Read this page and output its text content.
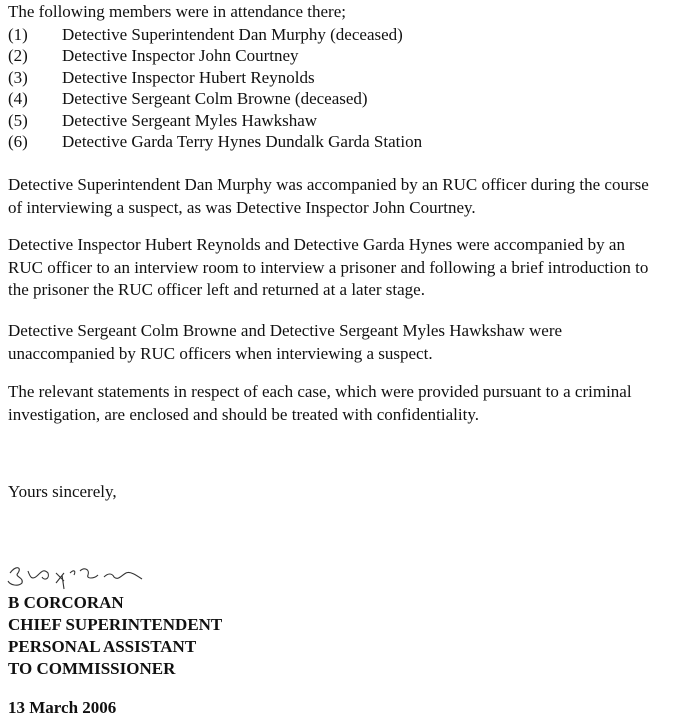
The following members were in attendance there;
(1)	Detective Superintendent Dan Murphy (deceased)
(2)	Detective Inspector John Courtney
(3)	Detective Inspector Hubert Reynolds
(4)	Detective Sergeant Colm Browne (deceased)
(5)	Detective Sergeant Myles Hawkshaw
(6)	Detective Garda Terry Hynes Dundalk Garda Station
Detective Superintendent Dan Murphy was accompanied by an RUC officer during the course
of interviewing a suspect, as was Detective Inspector John Courtney.
Detective Inspector Hubert Reynolds and Detective Garda Hynes were accompanied by an
RUC officer to an interview room to interview a prisoner and following a brief introduction to
the prisoner the RUC officer left and returned at a later stage.
Detective Sergeant Colm Browne and Detective Sergeant Myles Hawkshaw were
unaccompanied by RUC officers when interviewing a suspect.
The relevant statements in respect of each case, which were provided pursuant to a criminal
investigation, are enclosed and should be treated with confidentiality.
Yours sincerely,
B CORCORAN
CHIEF SUPERINTENDENT
PERSONAL ASSISTANT
TO COMMISSIONER
13 March 2006
